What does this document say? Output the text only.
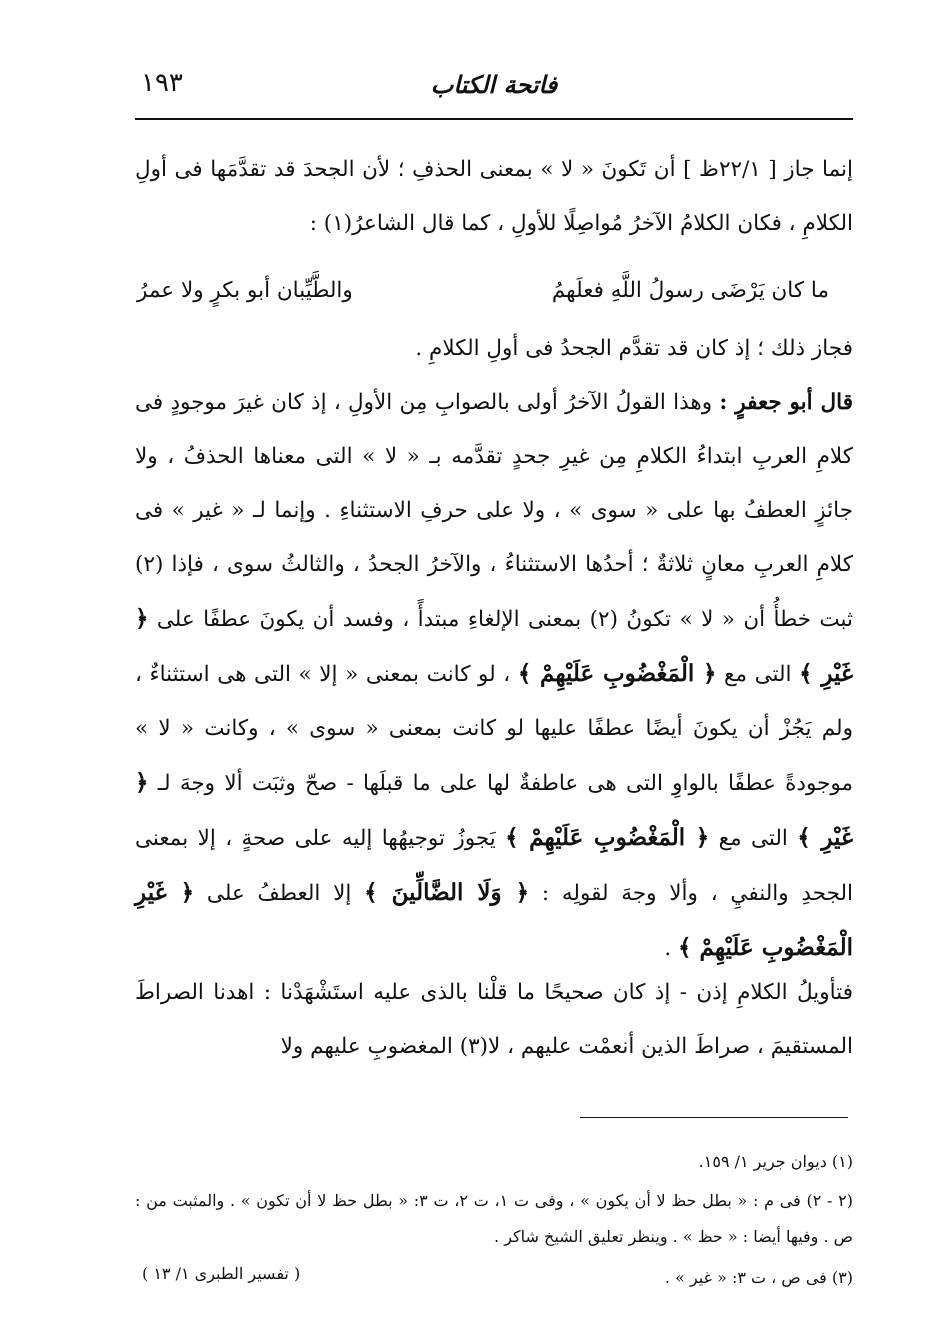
١٩٣	فاتحة الكتاب
إنما جاز [ ٢٢/١ظ ] أن تَكونَ « لا » بمعنى الحذفِ ؛ لأن الجحدَ قد تقدَّمَها فى أولِ الكلامِ ، فكان الكلامُ الآخرُ مُواصِلًا للأولِ ، كما قال الشاعرُ(١) :
ما كان يَرْضَى رسولُ اللَّهِ فعلَهمُ
والطَّيِّبان أبو بكرٍ ولا عمرُ
فجاز ذلك ؛ إذ كان قد تقدَّم الجحدُ فى أولِ الكلامِ .
قال أبو جعفرٍ : وهذا القولُ الآخرُ أولى بالصوابِ مِن الأولِ ، إذ كان غيرَ موجودٍ فى كلامِ العربِ ابتداءُ الكلامِ مِن غيرِ جحدٍ تقدَّمه بـ « لا » التى معناها الحذفُ ، ولا جائزٍ العطفُ بها على « سوى » ، ولا على حرفِ الاستثناءِ . وإنما لـ « غير » فى كلامِ العربِ معانٍ ثلاثةٌ ؛ أحدُها الاستثناءُ ، والآخرُ الجحدُ ، والثالثُ سوى ، فإذا (٢) ثبت خطأُ أن « لا » تكونُ (٢) بمعنى الإلغاءِ مبتدأً ، وفسد أن يكونَ عطفًا على ﴿ غَيْرِ ﴾ التى مع ﴿ الْمَغْضُوبِ عَلَيْهِمْ ﴾ ، لو كانت بمعنى « إلا » التى هى استثناءٌ ، ولم يَجُزْ أن يكونَ أيضًا عطفًا عليها لو كانت بمعنى « سوى » ، وكانت « لا » موجودةً عطفًا بالواوِ التى هى عاطفةٌ لها على ما قبلَها - صحّ وثبَت ألا وجهَ لـ ﴿ غَيْرِ ﴾ التى مع ﴿ الْمَغْضُوبِ عَلَيْهِمْ ﴾ يَجوزُ توجيهُها إليه على صحةٍ ، إلا بمعنى الجحدِ والنفيِ ، وألا وجهَ لقولِه : ﴿ وَلَا الضَّالِّينَ ﴾ إلا العطفُ على ﴿ غَيْرِ الْمَغْضُوبِ عَلَيْهِمْ ﴾ .
فتأويلُ الكلامِ إذن - إذ كان صحيحًا ما قلْنا بالذى عليه استَشْهَدْنا : اهدنا الصراطَ المستقيمَ ، صراطَ الذين أنعمْت عليهم ، لا(٣) المغضوبِ عليهم ولا
(١) ديوان جرير ١/ ١٥٩.
(٢ - ٢) فى م : « بطل حظ لا أن يكون » ، وفى ت ١، ت ٢، ت ٣: « بطل حظ لا أن تكون » . والمثبت من : ص . وفيها أيضا : « حظ » . وينظر تعليق الشيخ شاكر .
(٣) فى ص ، ت ٣: « غير » .
( تفسير الطبرى ١/ ١٣ )
